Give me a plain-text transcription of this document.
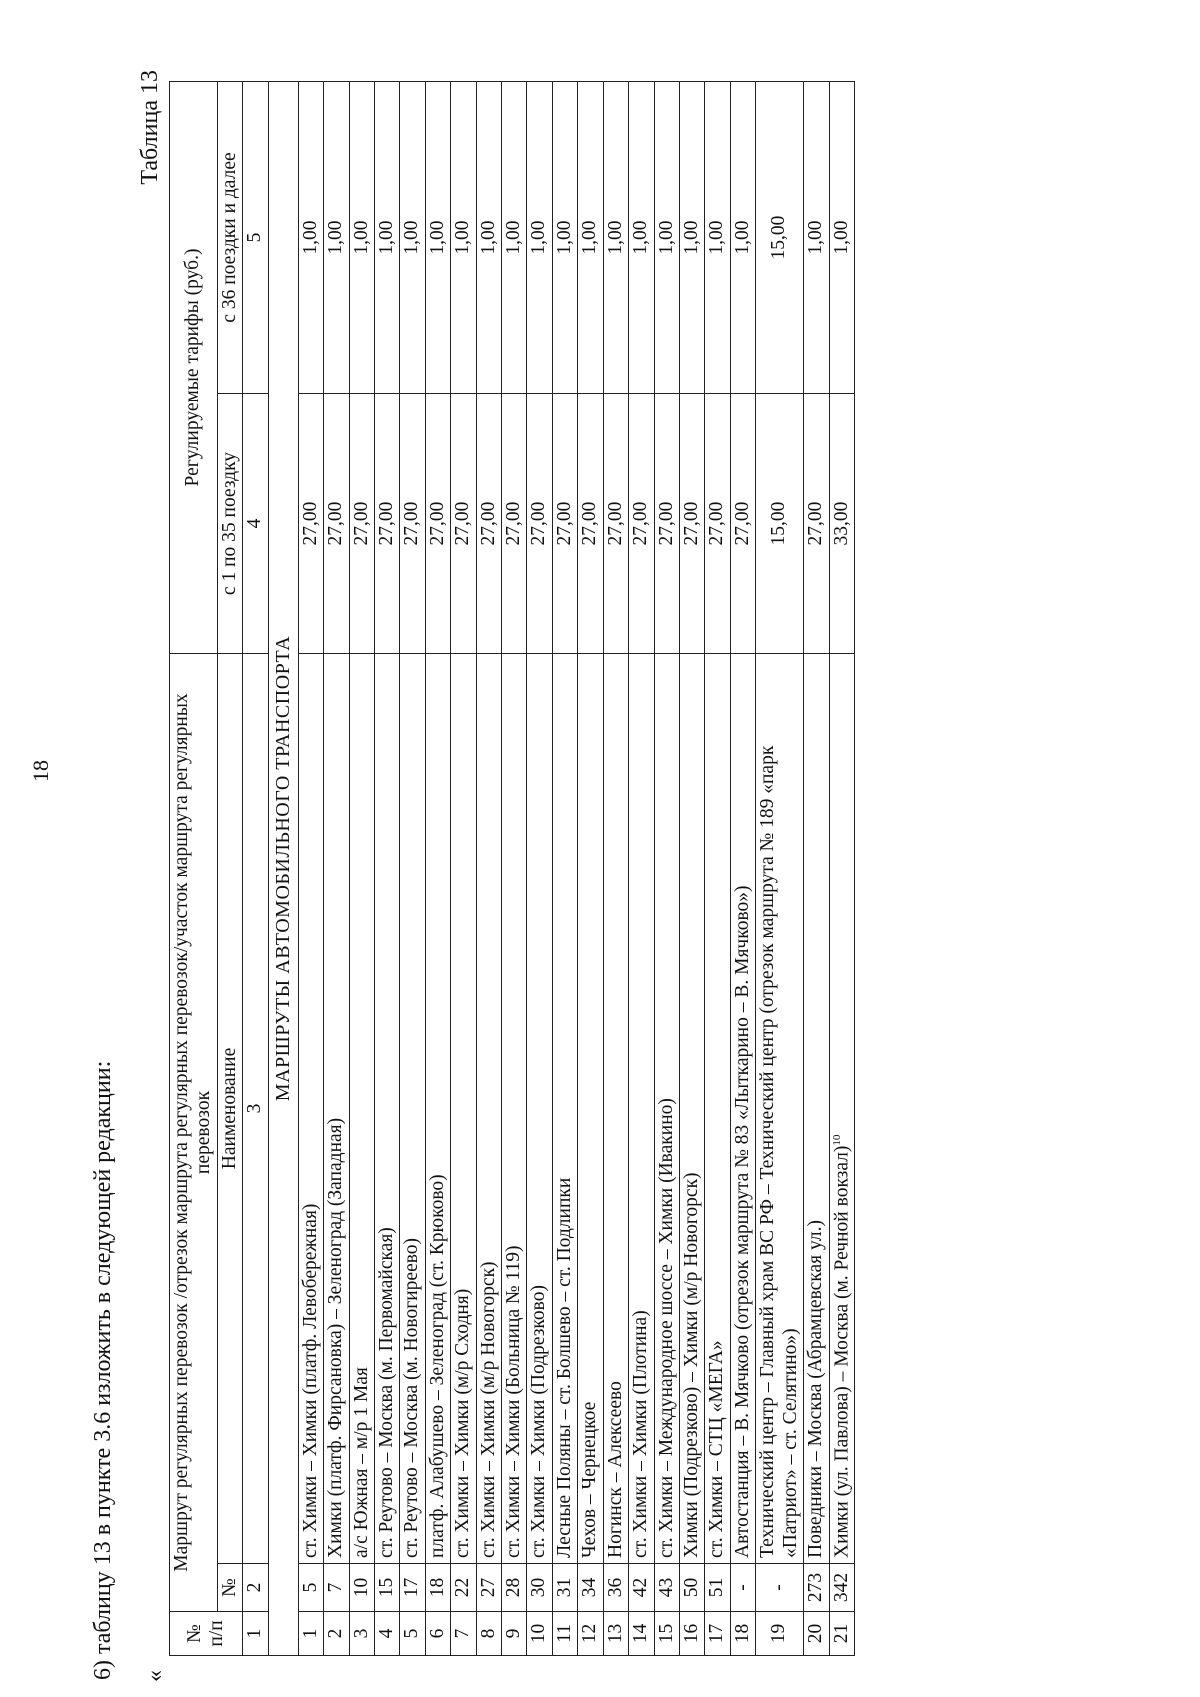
18
6) таблицу 13 в пункте 3.6 изложить в следующей редакции: «
Таблица 13
№ п/п	Маршрут регулярных перевозок /отрезок маршрута регулярных перевозок/участок маршрута регулярных перевозок		Регулируемые тарифы (руб.)	
	№	Наименование	с 1 по 35 поездку	с 36 поездки и далее
1	2	3	4	5
МАРШРУТЫ АВТОМОБИЛЬНОГО ТРАНСПОРТА				
1	5	ст. Химки – Химки (платф. Левобережная)	27,00	1,00
2	7	Химки (платф. Фирсановка) – Зеленоград (Западная)	27,00	1,00
3	10	а/с Южная – м/р 1 Мая	27,00	1,00
4	15	ст. Реутово – Москва (м. Первомайская)	27,00	1,00
5	17	ст. Реутово – Москва (м. Новогиреево)	27,00	1,00
6	18	платф. Алабушево – Зеленоград (ст. Крюково)	27,00	1,00
7	22	ст. Химки – Химки (м/р Сходня)	27,00	1,00
8	27	ст. Химки – Химки (м/р Новогорск)	27,00	1,00
9	28	ст. Химки – Химки (Больница № 119)	27,00	1,00
10	30	ст. Химки – Химки (Подрезково)	27,00	1,00
11	31	Лесные Поляны – ст. Болшево – ст. Подлипки	27,00	1,00
12	34	Чехов – Чернецкое	27,00	1,00
13	36	Ногинск – Алексеево	27,00	1,00
14	42	ст. Химки – Химки (Плотина)	27,00	1,00
15	43	ст. Химки – Международное шоссе – Химки (Ивакино)	27,00	1,00
16	50	Химки (Подрезково) – Химки (м/р Новогорск)	27,00	1,00
17	51	ст. Химки – СТЦ «МЕГА»	27,00	1,00
18	-	Автостанция – В. Мячково (отрезок маршрута № 83 «Лыткарино – В. Мячково»)	27,00	1,00
19	-	Технический центр – Главный храм ВС РФ – Технический центр (отрезок маршрута № 189 «парк «Патриот» – ст. Селятино»)	15,00	15,00
20	273	Поведники – Москва (Абрамцевская ул.)	27,00	1,00
21	342	Химки (ул. Павлова) – Москва (м. Речной вокзал)$^{10}$	33,00	1,00
